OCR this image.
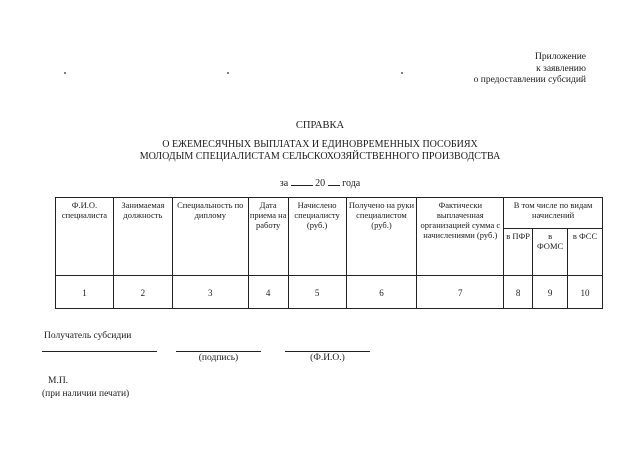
Приложение
к заявлению
о предоставлении субсидий
СПРАВКА
О ЕЖЕМЕСЯЧНЫХ ВЫПЛАТАХ И ЕДИНОВРЕМЕННЫХ ПОСОБИЯХ
МОЛОДЫМ СПЕЦИАЛИСТАМ СЕЛЬСКОХОЗЯЙСТВЕННОГО ПРОИЗВОДСТВА
за	20 года
Ф.И.О. специалиста	Занимаемая должность	Специальность по диплому	Дата приема на работу	Начислено специалисту (руб.)	Получено на руки специалистом (руб.)	Фактически выплаченная организацией сумма с начислениями (руб.)	В том числе по видам начислений		
							в ПФР	в ФОМС	в ФСС
1	2	3	4	5	6	7	8	9	10
Получатель субсидии
(подпись)	(Ф.И.О.)
М.П.
(при наличии печати)
